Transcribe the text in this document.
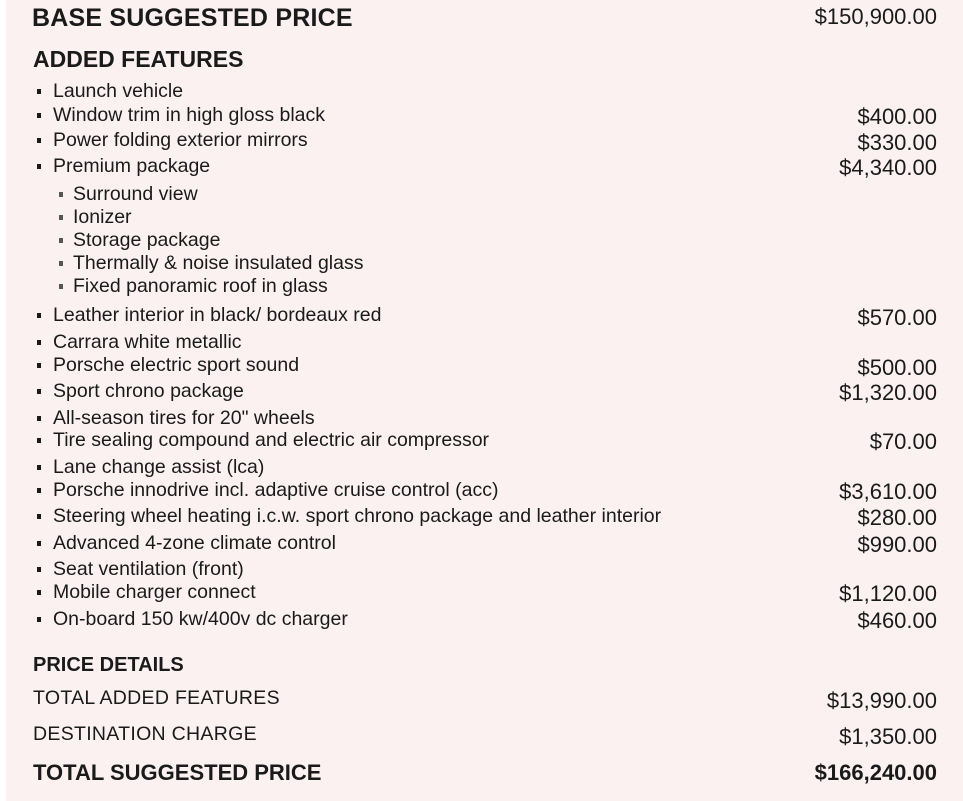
BASE SUGGESTED PRICE	$150,900.00
ADDED FEATURES
Launch vehicle
Window trim in high gloss black	$400.00
Power folding exterior mirrors	$330.00
Premium package	$4,340.00
Surround view
Ionizer
Storage package
Thermally & noise insulated glass
Fixed panoramic roof in glass
Leather interior in black/ bordeaux red	$570.00
Carrara white metallic
Porsche electric sport sound	$500.00
Sport chrono package	$1,320.00
All-season tires for 20" wheels
Tire sealing compound and electric air compressor	$70.00
Lane change assist (lca)
Porsche innodrive incl. adaptive cruise control (acc)	$3,610.00
Steering wheel heating i.c.w. sport chrono package and leather interior	$280.00
Advanced 4-zone climate control	$990.00
Seat ventilation (front)
Mobile charger connect	$1,120.00
On-board 150 kw/400v dc charger	$460.00
PRICE DETAILS
TOTAL ADDED FEATURES	$13,990.00
DESTINATION CHARGE	$1,350.00
TOTAL SUGGESTED PRICE	$166,240.00
